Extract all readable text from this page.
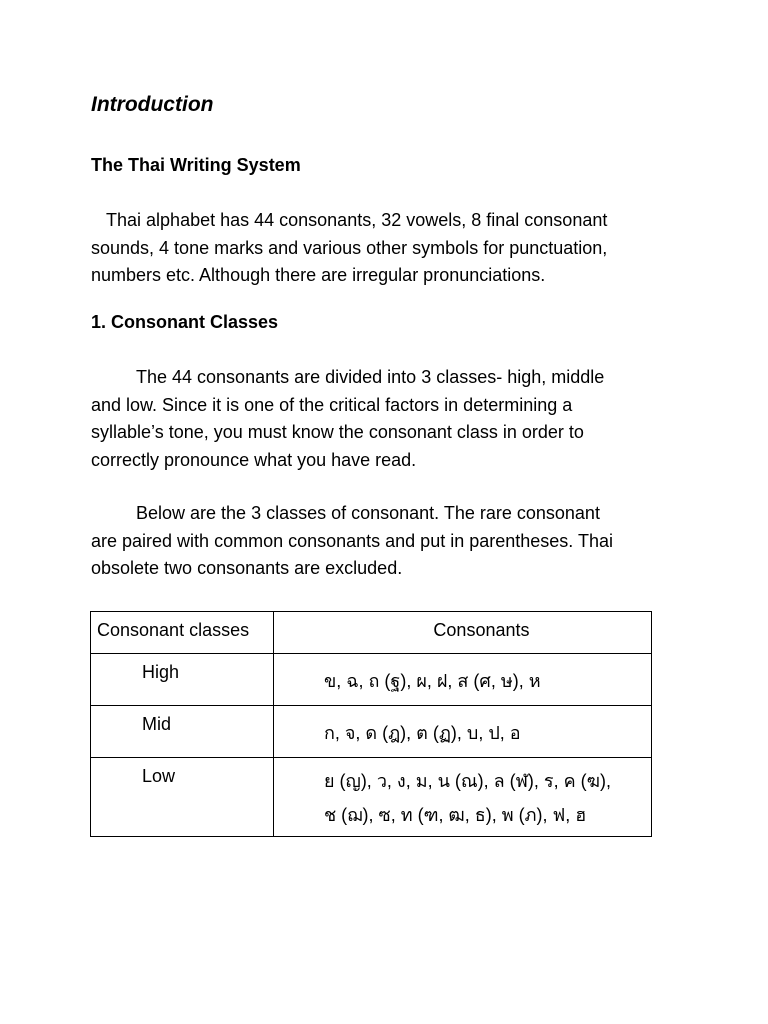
Introduction
The Thai Writing System
Thai alphabet has 44 consonants, 32 vowels, 8 final consonant
sounds, 4 tone marks and various other symbols for punctuation,
numbers etc. Although there are irregular pronunciations.
1. Consonant Classes
The 44 consonants are divided into 3 classes- high, middle
and low. Since it is one of the critical factors in determining a
syllable’s tone, you must know the consonant class in order to
correctly pronounce what you have read.
Below are the 3 classes of consonant. The rare consonant
are paired with common consonants and put in parentheses. Thai
obsolete two consonants are excluded.
Consonant classes	Consonants
High	ข, ฉ, ถ (ฐ), ผ, ฝ, ส (ศ, ษ), ห
Mid	ก, จ, ด (ฎ), ต (ฏ), บ, ป, อ
Low	ย (ญ), ว, ง, ม, น (ณ), ล (ฬ), ร, ค (ฆ),
ช (ฌ), ซ, ท (ฑ, ฒ, ธ), พ (ภ), ฟ, ฮ
